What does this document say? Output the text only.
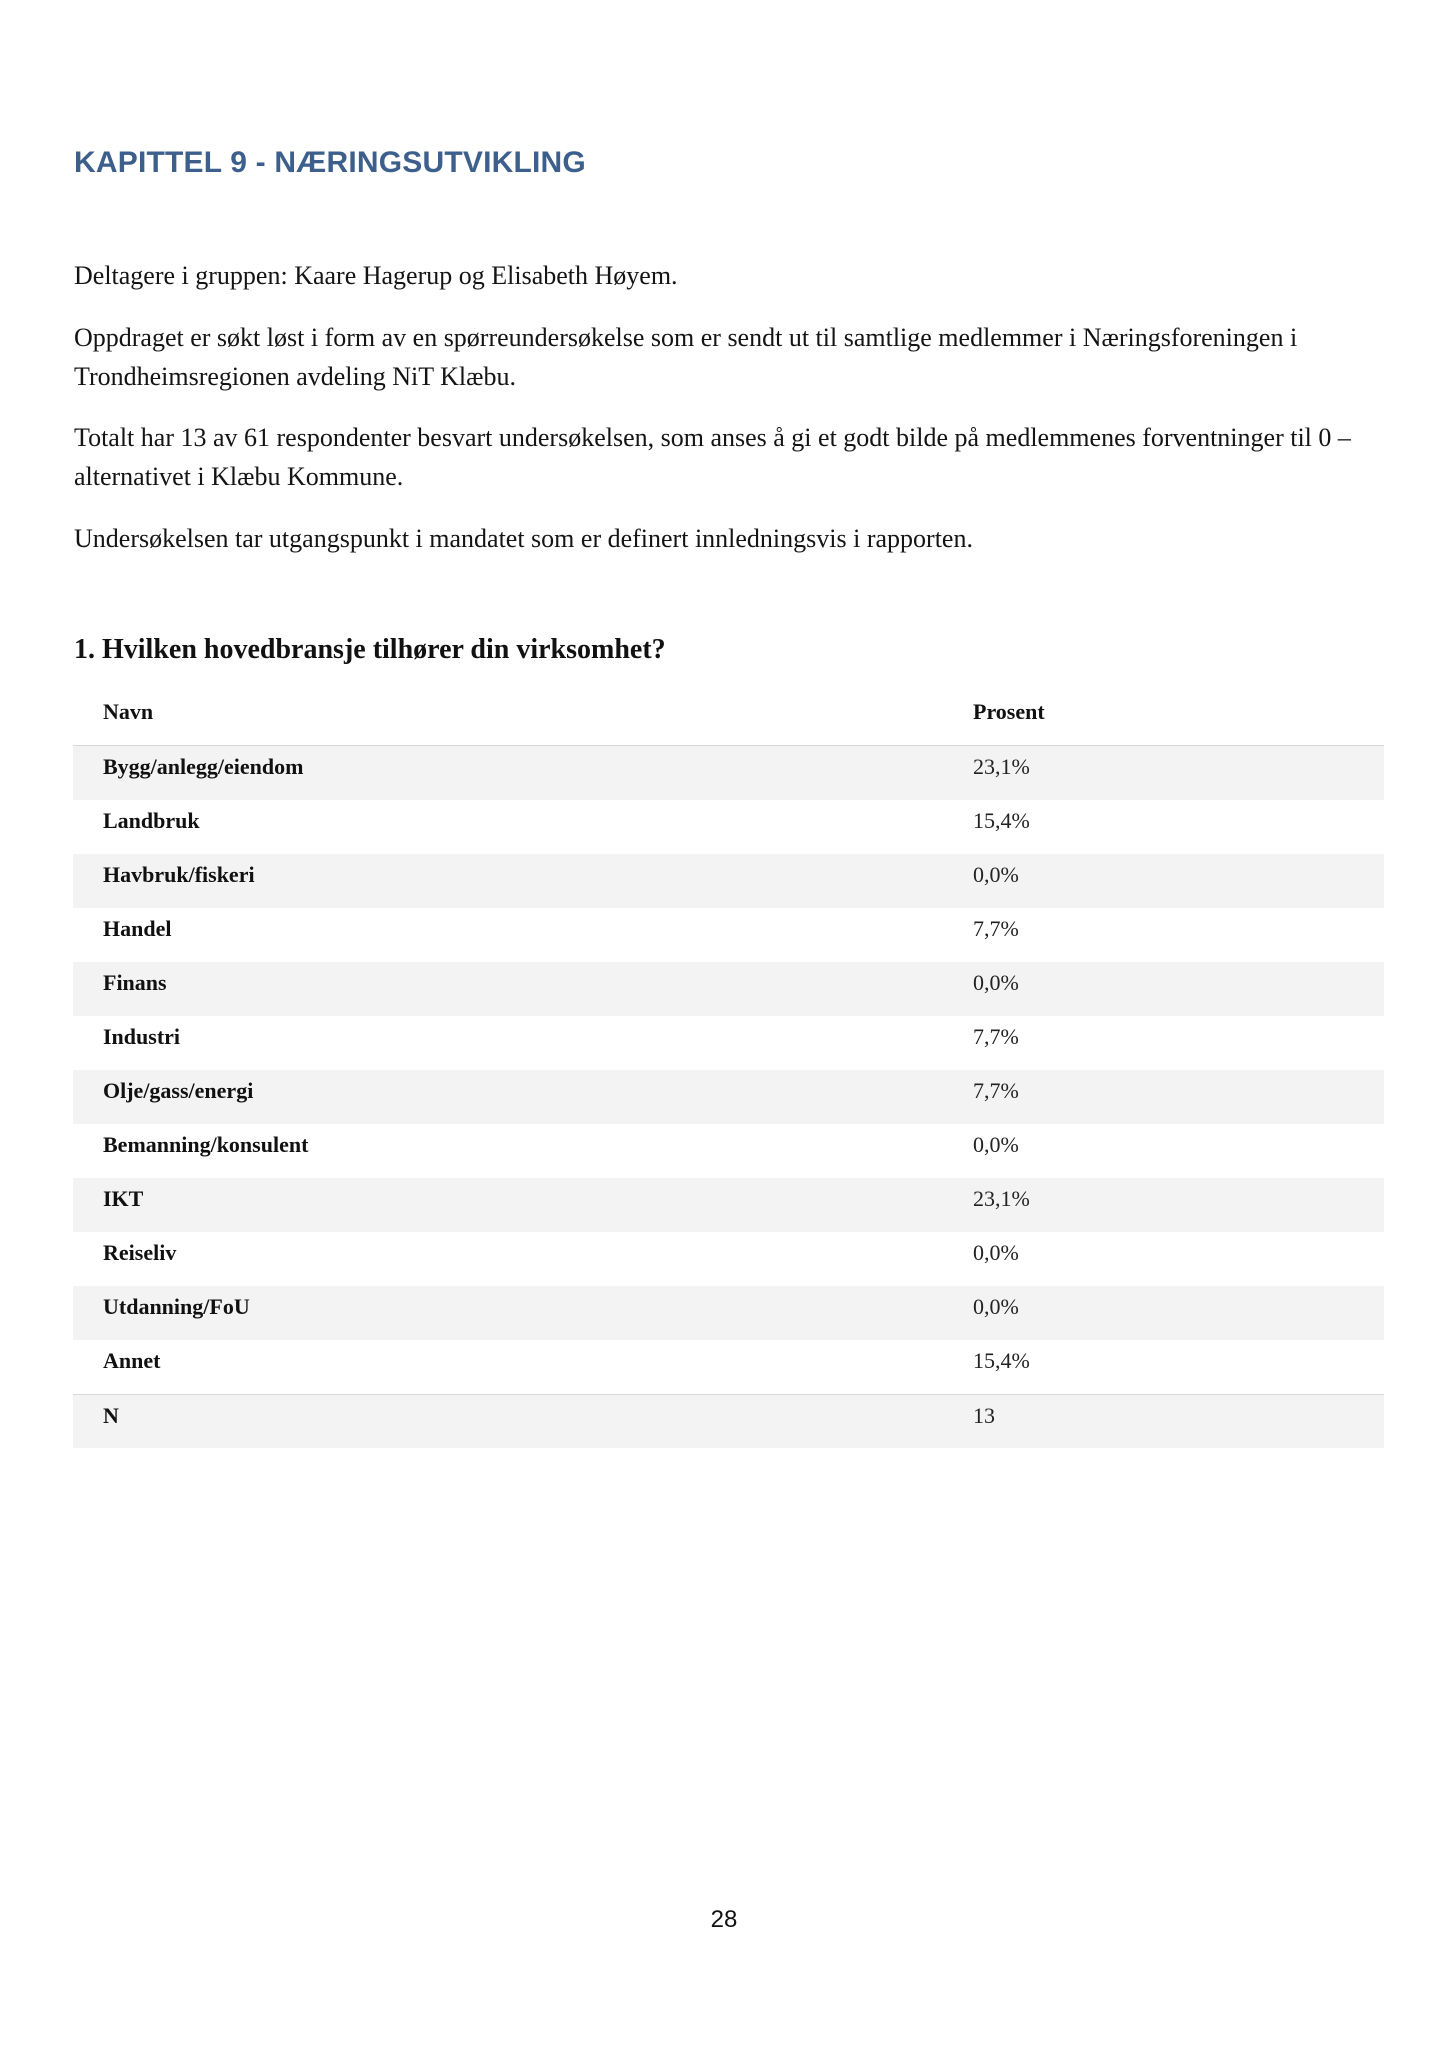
KAPITTEL 9 - NÆRINGSUTVIKLING

Deltagere i gruppen: Kaare Hagerup og Elisabeth Høyem.

Oppdraget er søkt løst i form av en spørreundersøkelse som er sendt ut til samtlige medlemmer i Næringsforeningen i Trondheimsregionen avdeling NiT Klæbu.

Totalt har 13 av 61 respondenter besvart undersøkelsen, som anses å gi et godt bilde på medlemmenes forventninger til 0 – alternativet i Klæbu Kommune.

Undersøkelsen tar utgangspunkt i mandatet som er definert innledningsvis i rapporten.

1. Hvilken hovedbransje tilhører din virksomhet?
Navn	Prosent
Bygg/anlegg/eiendom	23,1%
Landbruk	15,4%
Havbruk/fiskeri	0,0%
Handel	7,7%
Finans	0,0%
Industri	7,7%
Olje/gass/energi	7,7%
Bemanning/konsulent	0,0%
IKT	23,1%
Reiseliv	0,0%
Utdanning/FoU	0,0%
Annet	15,4%
N	13
28
